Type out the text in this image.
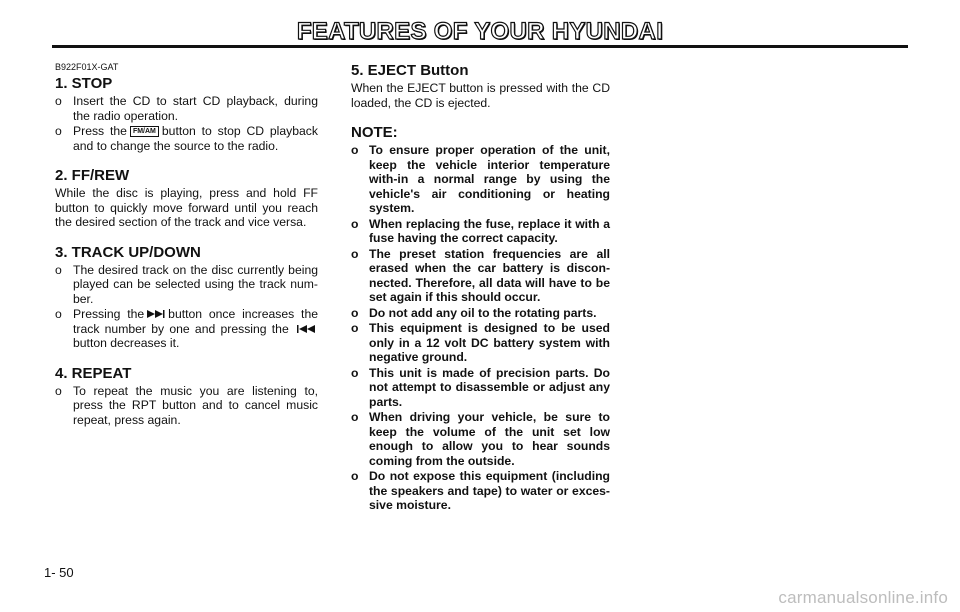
FEATURES OF YOUR HYUNDAI
B922F01X-GAT
1. STOP
o Insert the CD to start CD playback, during the radio operation.
o Press the FM/AM button to stop CD playback and to change the source to the radio.
2. FF/REW

While the disc is playing, press and hold FF button to quickly move forward until you reach the desired section of the track and vice versa.

3. TRACK UP/DOWN
o The desired track on the disc currently being played can be selected using the track num-ber.
o Pressing the button once increases the track number by one and pressing the button decreases it.
4. REPEAT
o To repeat the music you are listening to, press the RPT button and to cancel music repeat, press again.
5. EJECT Button

When the EJECT button is pressed with the CD loaded, the CD is ejected.

NOTE:
o To ensure proper operation of the unit, keep the vehicle interior temperature with-in a normal range by using the vehicle's air conditioning or heating system.
o When replacing the fuse, replace it with a fuse having the correct capacity.
o The preset station frequencies are all erased when the car battery is discon-nected. Therefore, all data will have to be set again if this should occur.
o Do not add any oil to the rotating parts.
o This equipment is designed to be used only in a 12 volt DC battery system with negative ground.
o This unit is made of precision parts. Do not attempt to disassemble or adjust any parts.
o When driving your vehicle, be sure to keep the volume of the unit set low enough to allow you to hear sounds coming from the outside.
o Do not expose this equipment (including the speakers and tape) to water or exces-sive moisture.
1- 50
carmanualsonline.info
